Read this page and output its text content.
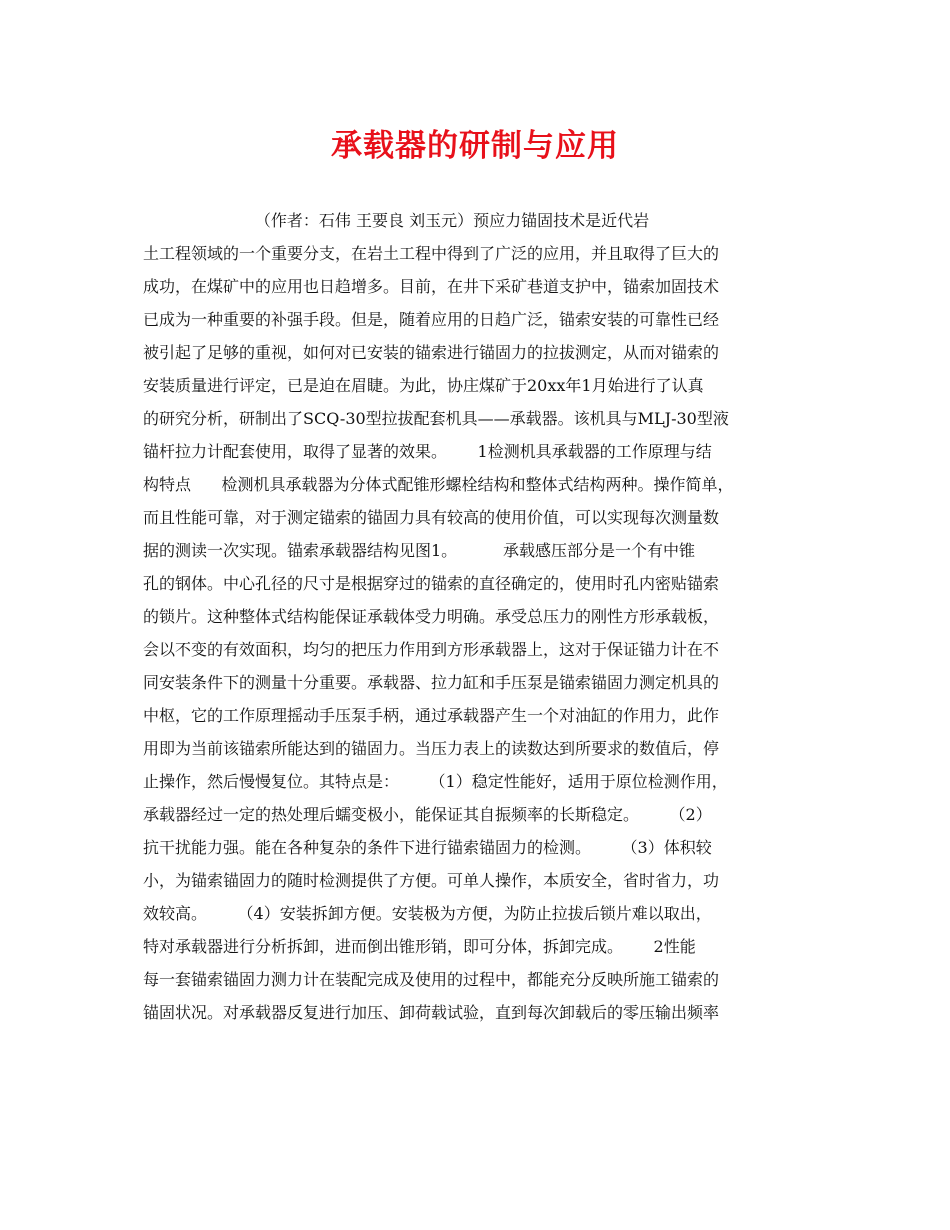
承载器的研制与应用
（作者：石伟 王要良 刘玉元）预应力锚固技术是近代岩
土工程领域的一个重要分支，在岩土工程中得到了广泛的应用，并且取得了巨大的
成功，在煤矿中的应用也日趋增多。目前，在井下采矿巷道支护中，锚索加固技术
已成为一种重要的补强手段。但是，随着应用的日趋广泛，锚索安装的可靠性已经
被引起了足够的重视，如何对已安装的锚索进行锚固力的拉拔测定，从而对锚索的
安装质量进行评定，已是迫在眉睫。为此，协庄煤矿于20xx年1月始进行了认真
的研究分析，研制出了SCQ-30型拉拔配套机具——承载器。该机具与MLJ-30型液
锚杆拉力计配套使用，取得了显著的效果。      1检测机具承载器的工作原理与结
构特点      检测机具承载器为分体式配锥形螺栓结构和整体式结构两种。操作简单，
而且性能可靠，对于测定锚索的锚固力具有较高的使用价值，可以实现每次测量数
据的测读一次实现。锚索承载器结构见图1。         承载感压部分是一个有中锥
孔的钢体。中心孔径的尺寸是根据穿过的锚索的直径确定的，使用时孔内密贴锚索
的锁片。这种整体式结构能保证承载体受力明确。承受总压力的刚性方形承载板，
会以不变的有效面积，均匀的把压力作用到方形承载器上，这对于保证锚力计在不
同安装条件下的测量十分重要。承载器、拉力缸和手压泵是锚索锚固力测定机具的
中枢，它的工作原理摇动手压泵手柄，通过承载器产生一个对油缸的作用力，此作
用即为当前该锚索所能达到的锚固力。当压力表上的读数达到所要求的数值后，停
止操作，然后慢慢复位。其特点是：      （1）稳定性能好，适用于原位检测作用，
承载器经过一定的热处理后蠕变极小，能保证其自振频率的长斯稳定。      （2）
抗干扰能力强。能在各种复杂的条件下进行锚索锚固力的检测。      （3）体积较
小，为锚索锚固力的随时检测提供了方便。可单人操作，本质安全，省时省力，功
效较高。      （4）安装拆卸方便。安装极为方便，为防止拉拔后锁片难以取出，
特对承载器进行分析拆卸，进而倒出锥形销，即可分体，拆卸完成。      2性能
每一套锚索锚固力测力计在装配完成及使用的过程中，都能充分反映所施工锚索的
锚固状况。对承载器反复进行加压、卸荷载试验，直到每次卸载后的零压输出频率
